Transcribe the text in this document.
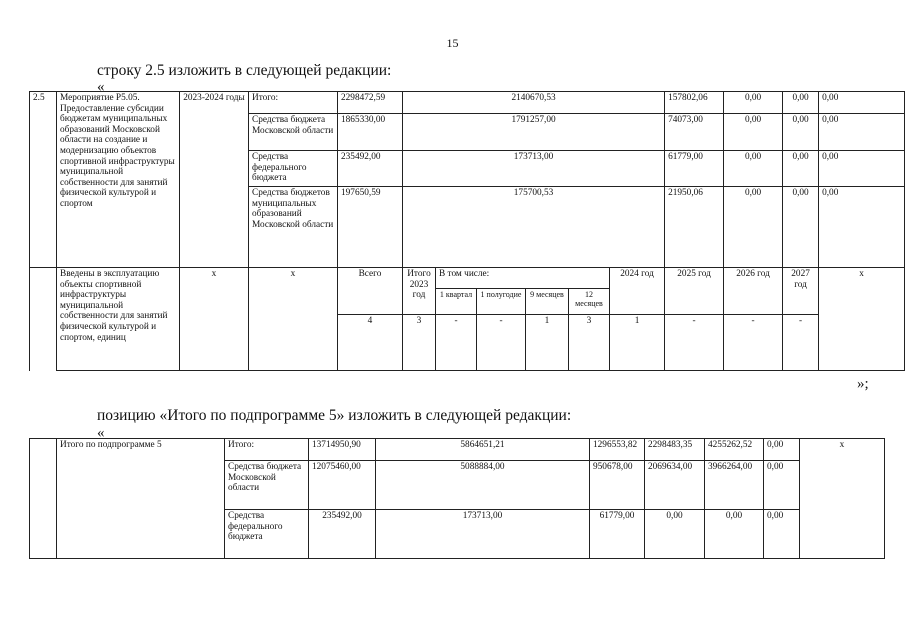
15
строку 2.5 изложить в следующей редакции:
«
2.5	Мероприятие Р5.05. Предоставление субсидии бюджетам муниципальных образований Московской области на создание и модернизацию объектов спортивной инфраструктуры муниципальной собственности для занятий физической культурой и спортом	2023-2024 годы	Итого:	2298472,59	2140670,53						157802,06	0,00	0,00	0,00	
			Средства бюджета Московской области	1865330,00	1791257,00						74073,00	0,00	0,00	0,00	
			Средства федерального бюджета	235492,00	173713,00						61779,00	0,00	0,00	0,00	
			Средства бюджетов муниципальных образований Московской области	197650,59	175700,53						21950,06	0,00	0,00	0,00	
	Введены в эксплуатацию объекты спортивной инфраструктуры муниципальной собственности для занятий физической культурой и спортом, единиц	x	x	Всего	Итого 2023 год	В том числе:				2024 год	2025 год	2026 год	2027 год	x	
						1 квартал	1 полугодие	9 месяцев	12 месяцев						
				4	3	-	-	1	3	1	-	-	-		
»;
позицию «Итого по подпрограмме 5» изложить в следующей редакции:
«
	Итого по подпрограмме 5	Итого:	13714950,90	5864651,21	1296553,82	2298483,35	4255262,52	0,00	x
		Средства бюджета Московской области	12075460,00	5088884,00	950678,00	2069634,00	3966264,00	0,00	
		Средства федерального бюджета	235492,00	173713,00	61779,00	0,00	0,00	0,00	
